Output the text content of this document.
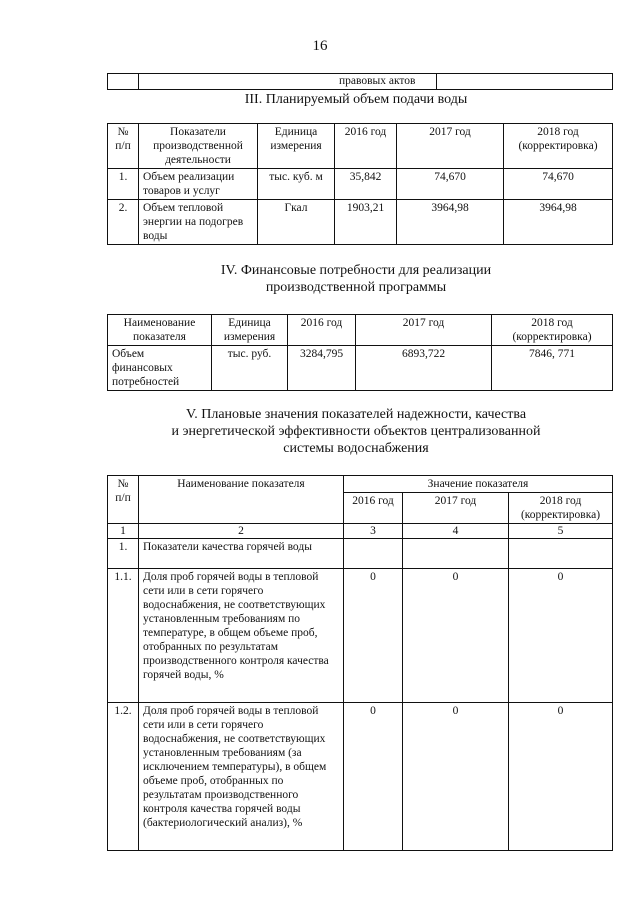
16
	правовых актов	
III. Планируемый объем подачи воды
№ п/п	Показатели производственной деятельности	Единица измерения	2016 год	2017 год	2018 год (корректировка)
1.	Объем реализации товаров и услуг	тыс. куб. м	35,842	74,670	74,670
2.	Объем тепловой энергии на подогрев воды	Гкал	1903,21	3964,98	3964,98
IV. Финансовые потребности для реализации
производственной программы
Наименование показателя	Единица измерения	2016 год	2017 год	2018 год (корректировка)
Объем финансовых потребностей	тыс. руб.	3284,795	6893,722	7846, 771
V. Плановые значения показателей надежности, качества
и энергетической эффективности объектов централизованной
системы водоснабжения
№ п/п	Наименование показателя	Значение показателя		
		2016 год	2017 год	2018 год (корректировка)
1	2	3	4	5
1.	Показатели качества горячей воды			
1.1.	Доля проб горячей воды в тепловой сети или в сети горячего водоснабжения, не соответствующих установленным требованиям по температуре, в общем объеме проб, отобранных по результатам производственного контроля качества горячей воды, %	0	0	0
1.2.	Доля проб горячей воды в тепловой сети или в сети горячего водоснабжения, не соответствующих установленным требованиям (за исключением температуры), в общем объеме проб, отобранных по результатам производственного контроля качества горячей воды (бактериологический анализ), %	0	0	0
